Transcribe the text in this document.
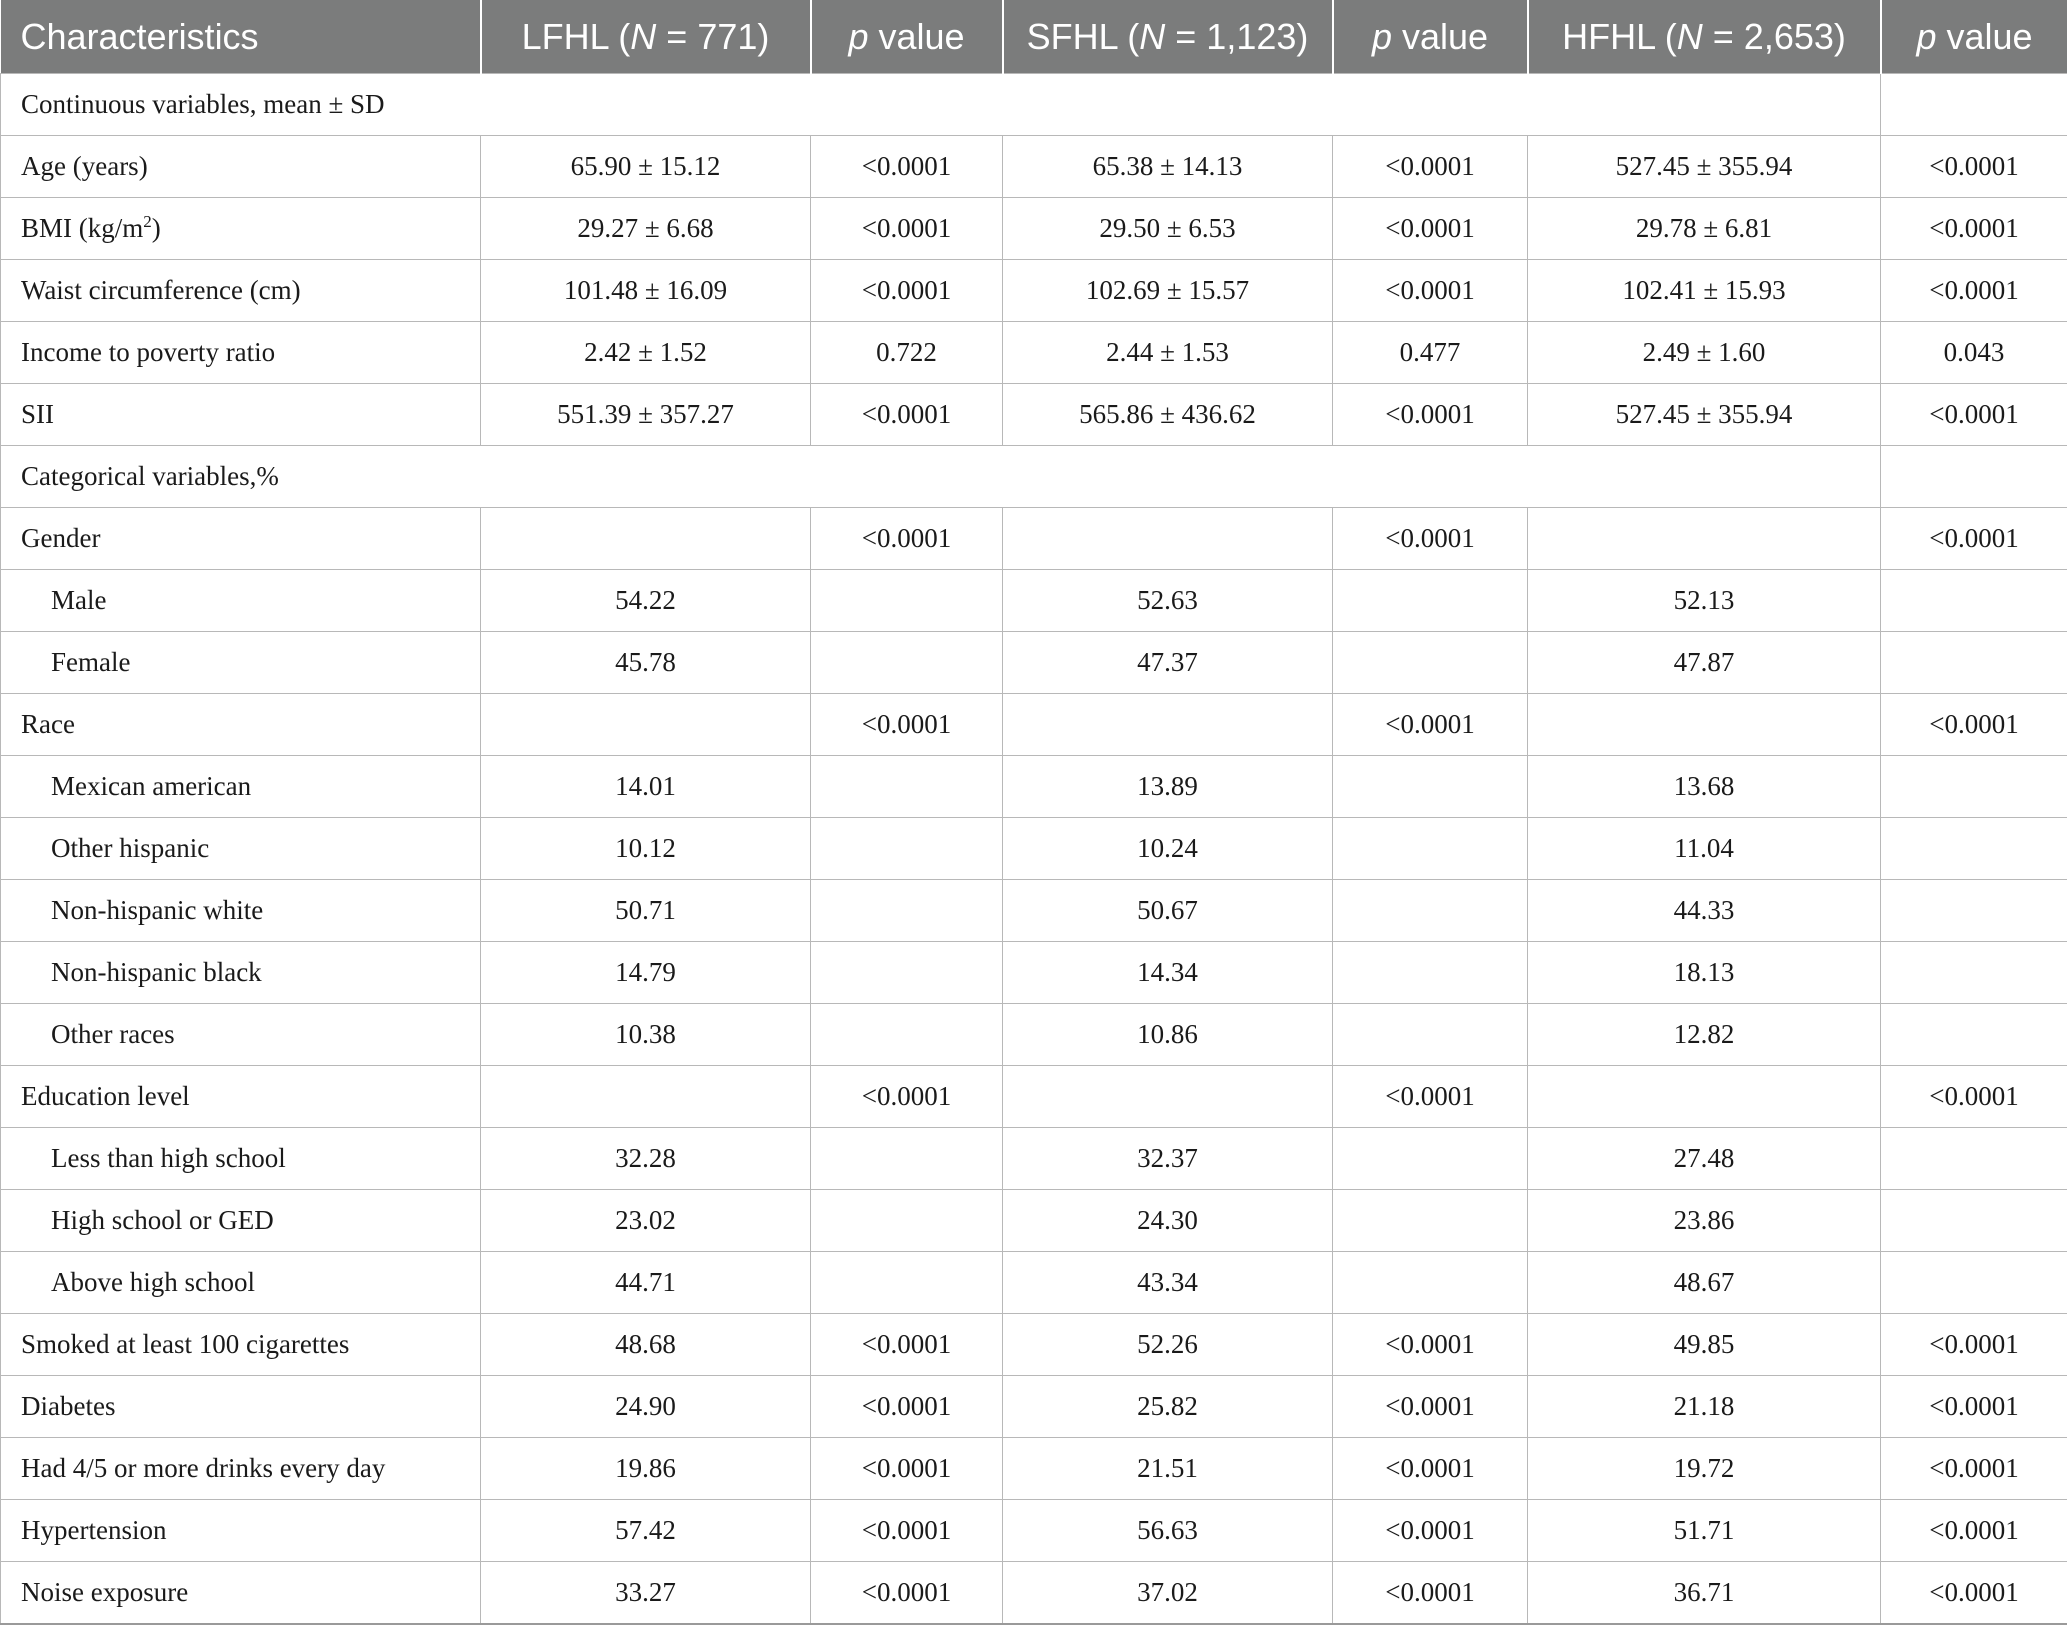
Characteristics	LFHL (N = 771)	p value	SFHL (N = 1,123)	p value	HFHL (N = 2,653)	p value
Continuous variables, mean ± SD						
Age (years)	65.90 ± 15.12	<0.0001	65.38 ± 14.13	<0.0001	527.45 ± 355.94	<0.0001
BMI $(kg/m^2)$	29.27 ± 6.68	<0.0001	29.50 ± 6.53	<0.0001	29.78 ± 6.81	<0.0001
Waist circumference (cm)	101.48 ± 16.09	<0.0001	102.69 ± 15.57	<0.0001	102.41 ± 15.93	<0.0001
Income to poverty ratio	2.42 ± 1.52	0.722	2.44 ± 1.53	0.477	2.49 ± 1.60	0.043
SII	551.39 ± 357.27	<0.0001	565.86 ± 436.62	<0.0001	527.45 ± 355.94	<0.0001
Categorical variables,%						
Gender		<0.0001		<0.0001		<0.0001
Male	54.22		52.63		52.13	
Female	45.78		47.37		47.87	
Race		<0.0001		<0.0001		<0.0001
Mexican american	14.01		13.89		13.68	
Other hispanic	10.12		10.24		11.04	
Non-hispanic white	50.71		50.67		44.33	
Non-hispanic black	14.79		14.34		18.13	
Other races	10.38		10.86		12.82	
Education level		<0.0001		<0.0001		<0.0001
Less than high school	32.28		32.37		27.48	
High school or GED	23.02		24.30		23.86	
Above high school	44.71		43.34		48.67	
Smoked at least 100 cigarettes	48.68	<0.0001	52.26	<0.0001	49.85	<0.0001
Diabetes	24.90	<0.0001	25.82	<0.0001	21.18	<0.0001
Had 4/5 or more drinks every day	19.86	<0.0001	21.51	<0.0001	19.72	<0.0001
Hypertension	57.42	<0.0001	56.63	<0.0001	51.71	<0.0001
Noise exposure	33.27	<0.0001	37.02	<0.0001	36.71	<0.0001
